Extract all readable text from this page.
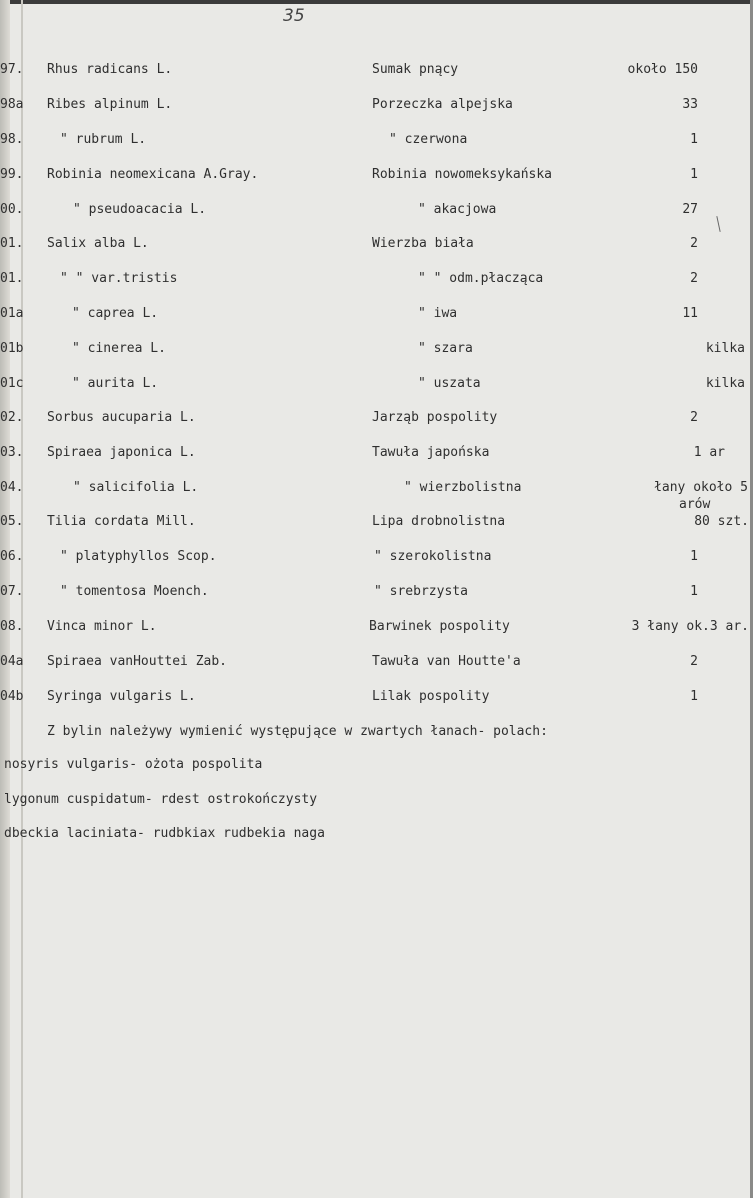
35
97. Rhus radicans L.	Sumak pnący	około 150
98a Ribes alpinum L.	Porzeczka alpejska	33
98.	" rubrum L.	" czerwona	1
99. Robinia neomexicana A.Gray.	Robinia nowomeksykańska	1
00.	" pseudoacacia L.	" akacjowa	27
01. Salix alba L.	Wierzba biała	2
01.	" " var.tristis	" " odm.płacząca	2
01a	" caprea L.	" iwa	11
01b	" cinerea L.	" szara	kilka
01c	" aurita L.	" uszata	kilka
02. Sorbus aucuparia L.	Jarząb pospolity	2
03. Spiraea japonica L.	Tawuła japońska	1 ar
04.	" salicifolia L.	" wierzbolistna	łany około 5
arów
05. Tilia cordata Mill.	Lipa drobnolistna	80 szt.
06.	" platyphyllos Scop.	" szerokolistna	1
07.	" tomentosa Moench.	" srebrzysta	1
08. Vinca minor L.	Barwinek pospolity	3 łany ok.3 ar.
04a Spiraea vanHouttei Zab.	Tawuła van Houtte'a	2
04b Syringa vulgaris L.	Lilak pospolity	1
Z bylin należywy wymienić występujące w zwartych łanach- polach:
nosyris vulgaris- ożota pospolita
lygonum cuspidatum- rdest ostrokończysty
dbeckia laciniata- rudbkiax rudbekia naga
